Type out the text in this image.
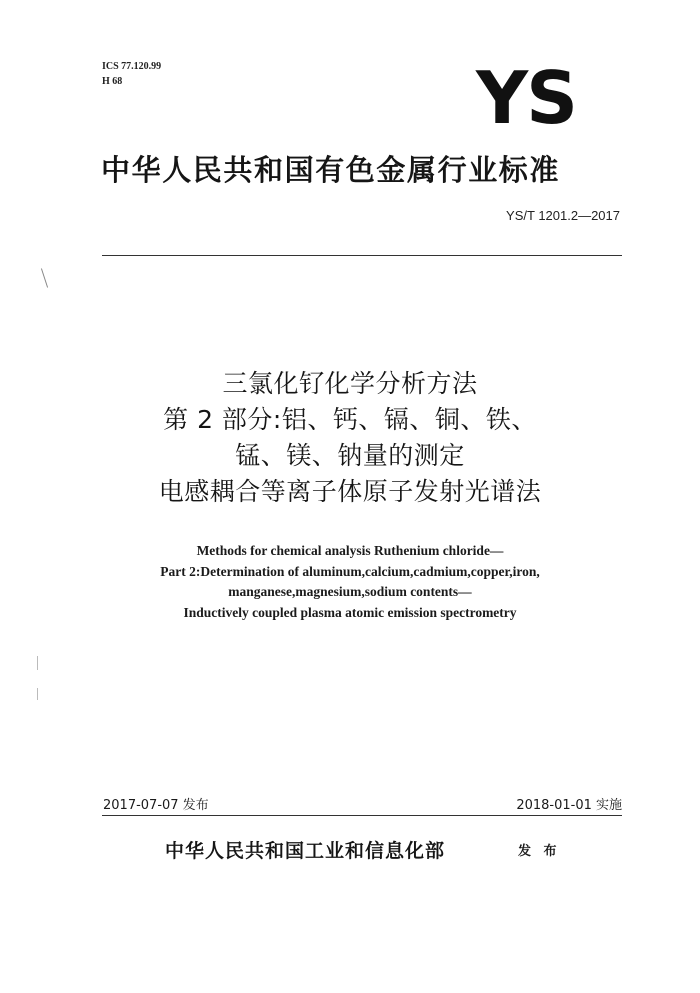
ICS 77.120.99
H 68	YS
中华人民共和国有色金属行业标准
YS/T 1201.2—2017
三氯化钌化学分析方法
第 2 部分:铝、钙、镉、铜、铁、
锰、镁、钠量的测定
电感耦合等离子体原子发射光谱法
Methods for chemical analysis Ruthenium chloride—
Part 2:Determination of aluminum,calcium,cadmium,copper,iron,
manganese,magnesium,sodium contents—
Inductively coupled plasma atomic emission spectrometry
2017-07-07 发布	2018-01-01 实施
中华人民共和国工业和信息化部	发 布
